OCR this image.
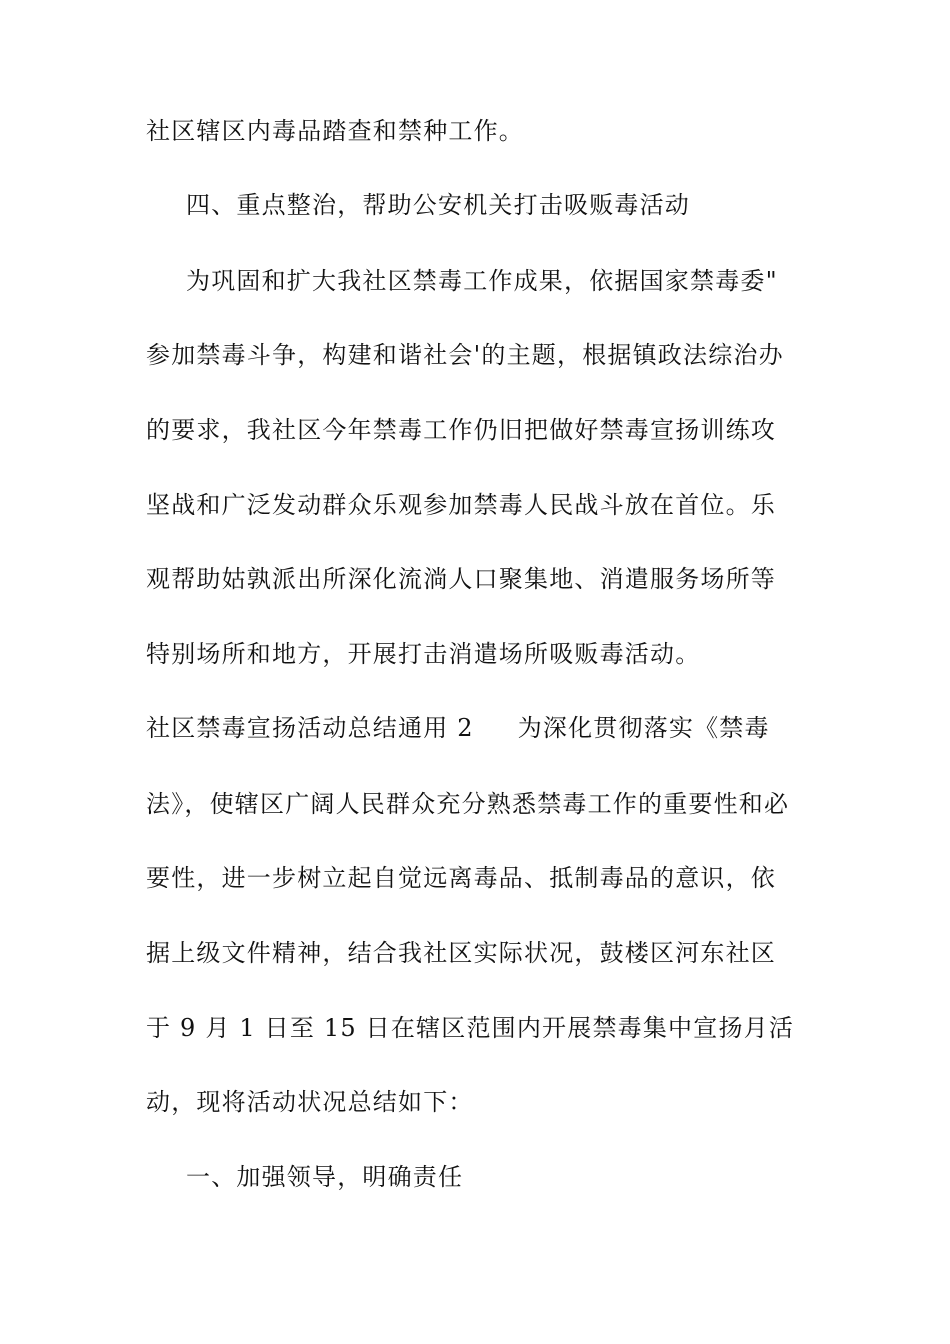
社区辖区内毒品踏查和禁种工作。
四、重点整治，帮助公安机关打击吸贩毒活动
为巩固和扩大我社区禁毒工作成果，依据国家禁毒委"
参加禁毒斗争，构建和谐社会'的主题，根据镇政法综治办
的要求，我社区今年禁毒工作仍旧把做好禁毒宣扬训练攻
坚战和广泛发动群众乐观参加禁毒人民战斗放在首位。乐
观帮助姑孰派出所深化流淌人口聚集地、消遣服务场所等
特别场所和地方，开展打击消遣场所吸贩毒活动。
社区禁毒宣扬活动总结通用 2 为深化贯彻落实《禁毒
法》，使辖区广阔人民群众充分熟悉禁毒工作的重要性和必
要性，进一步树立起自觉远离毒品、抵制毒品的意识，依
据上级文件精神，结合我社区实际状况，鼓楼区河东社区
于 9 月 1 日至 15 日在辖区范围内开展禁毒集中宣扬月活
动，现将活动状况总结如下：
一、加强领导，明确责任
